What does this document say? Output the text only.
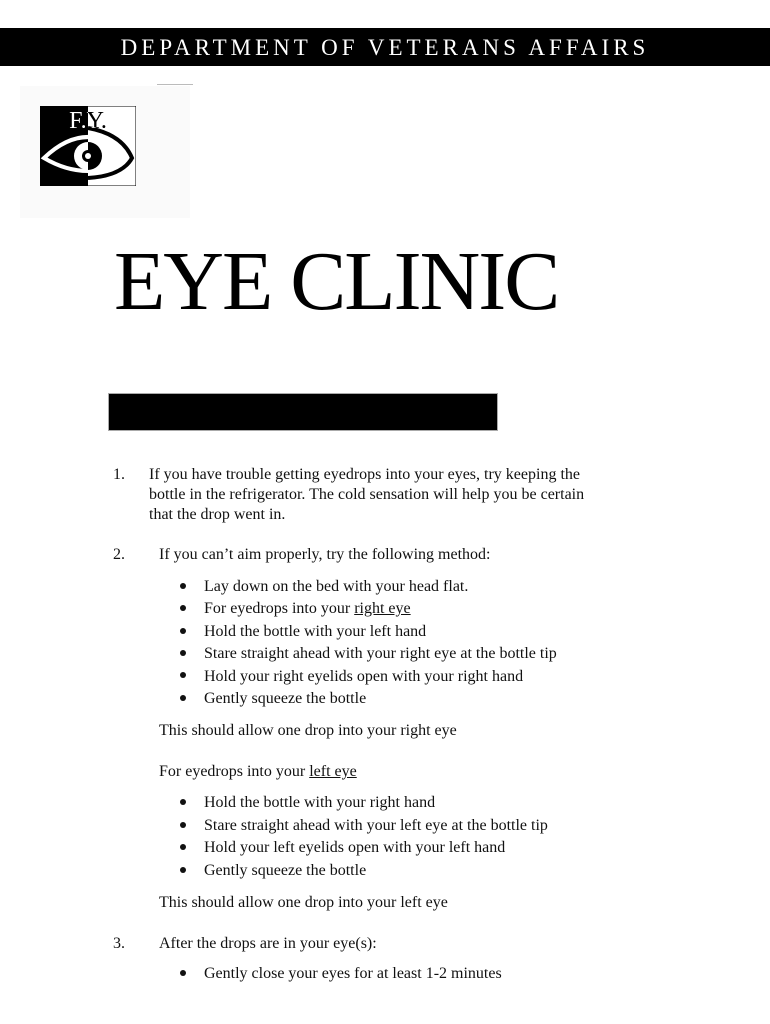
DEPARTMENT OF VETERANS AFFAIRS
F.Y.
EYE CLINIC

INSTILLING  EYEDROPS

1. If you have trouble getting eyedrops into your eyes, try keeping the
bottle in the refrigerator. The cold sensation will help you be certain
that the drop went in.
2. If you can’t aim properly, try the following method:
Lay down on the bed with your head flat.
For eyedrops into your right eye
Hold the bottle with your left hand
Stare straight ahead with your right eye at the bottle tip
Hold your right eyelids open with your right hand
Gently squeeze the bottle
This should allow one drop into your right eye
For eyedrops into your left eye
Hold the bottle with your right hand
Stare straight ahead with your left eye at the bottle tip
Hold your left eyelids open with your left hand
Gently squeeze the bottle
This should allow one drop into your left eye
3. After the drops are in your eye(s):
Gently close your eyes for at least 1-2 minutes
